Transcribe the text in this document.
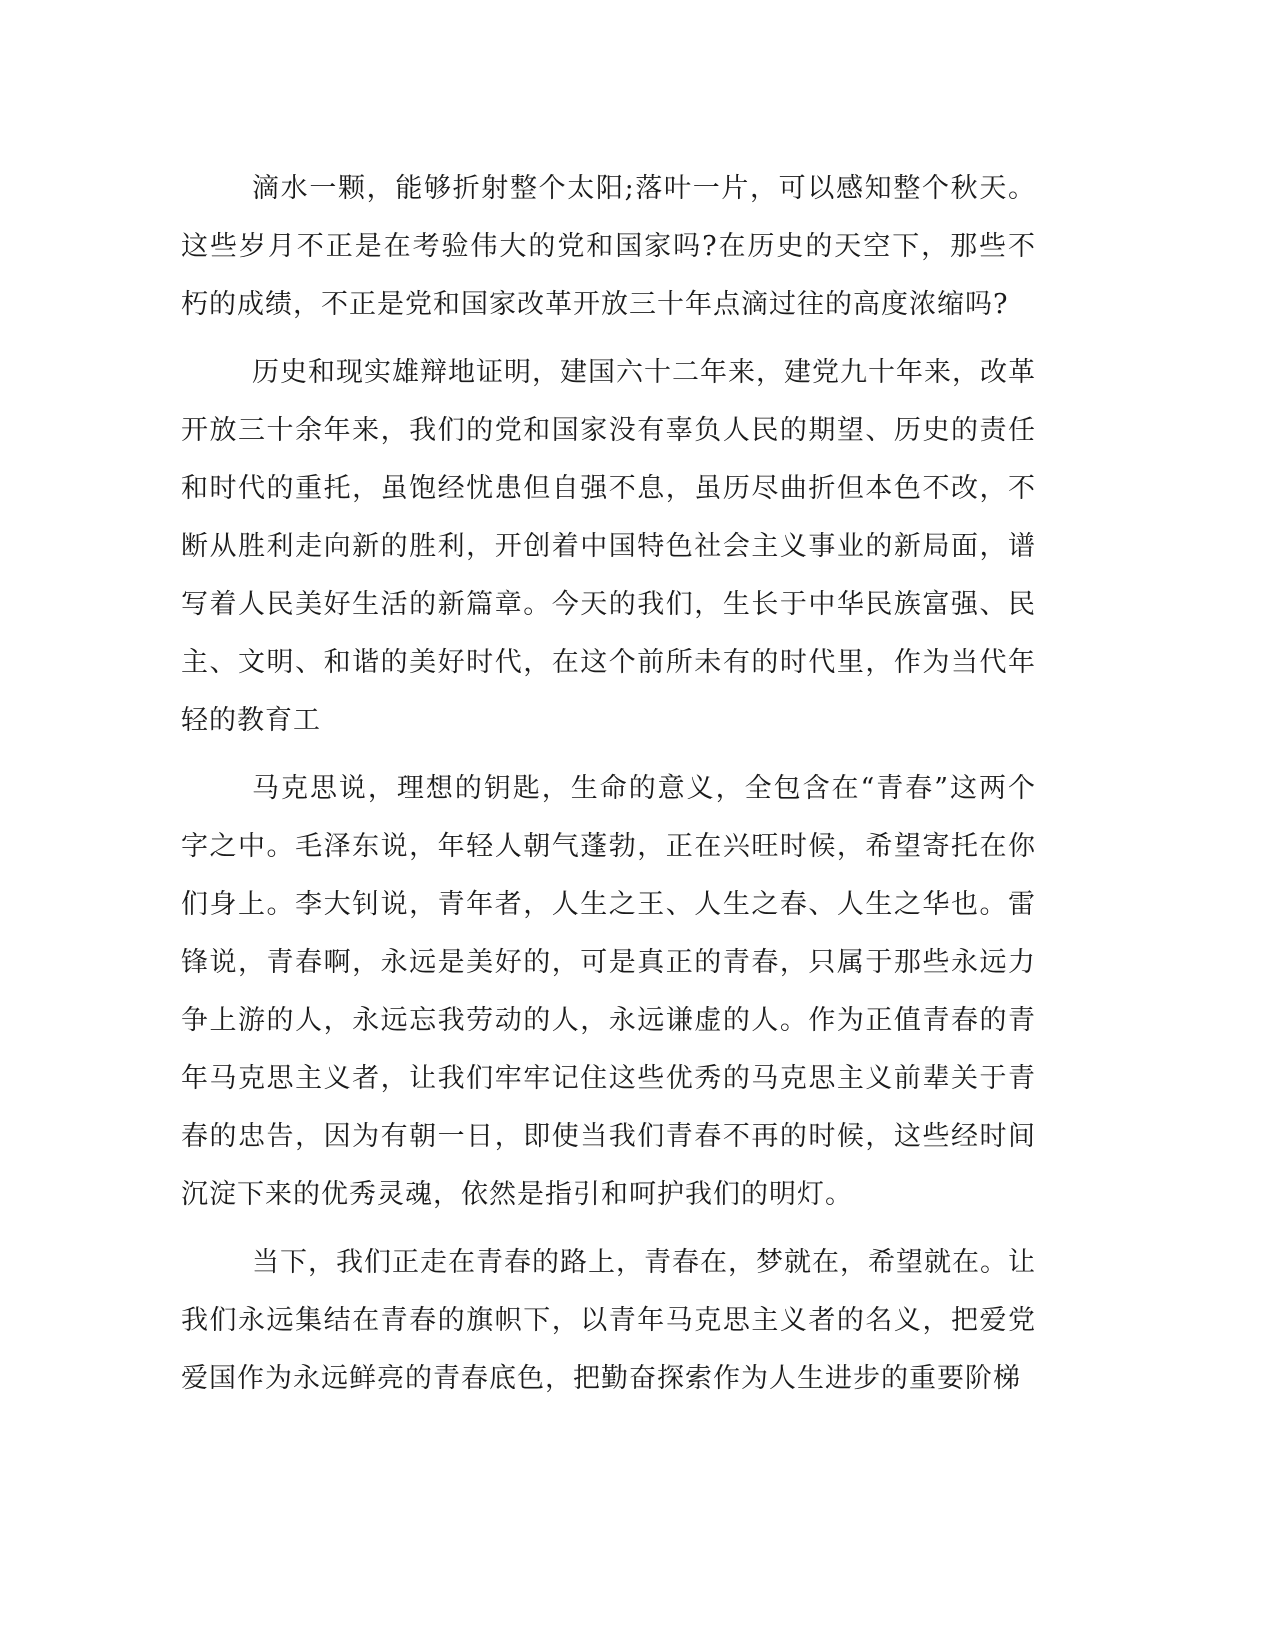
滴水一颗，能够折射整个太阳;落叶一片，可以感知整个秋天。这些岁月不正是在考验伟大的党和国家吗?在历史的天空下，那些不朽的成绩，不正是党和国家改革开放三十年点滴过往的高度浓缩吗?

历史和现实雄辩地证明，建国六十二年来，建党九十年来，改革开放三十余年来，我们的党和国家没有辜负人民的期望、历史的责任和时代的重托，虽饱经忧患但自强不息，虽历尽曲折但本色不改，不断从胜利走向新的胜利，开创着中国特色社会主义事业的新局面，谱写着人民美好生活的新篇章。今天的我们，生长于中华民族富强、民主、文明、和谐的美好时代，在这个前所未有的时代里，作为当代年轻的教育工

马克思说，理想的钥匙，生命的意义，全包含在“青春”这两个字之中。毛泽东说，年轻人朝气蓬勃，正在兴旺时候，希望寄托在你们身上。李大钊说，青年者，人生之王、人生之春、人生之华也。雷锋说，青春啊，永远是美好的，可是真正的青春，只属于那些永远力争上游的人，永远忘我劳动的人，永远谦虚的人。作为正值青春的青年马克思主义者，让我们牢牢记住这些优秀的马克思主义前辈关于青春的忠告，因为有朝一日，即使当我们青春不再的时候，这些经时间沉淀下来的优秀灵魂，依然是指引和呵护我们的明灯。

当下，我们正走在青春的路上，青春在，梦就在，希望就在。让我们永远集结在青春的旗帜下，以青年马克思主义者的名义，把爱党爱国作为永远鲜亮的青春底色，把勤奋探索作为人生进步的重要阶梯
